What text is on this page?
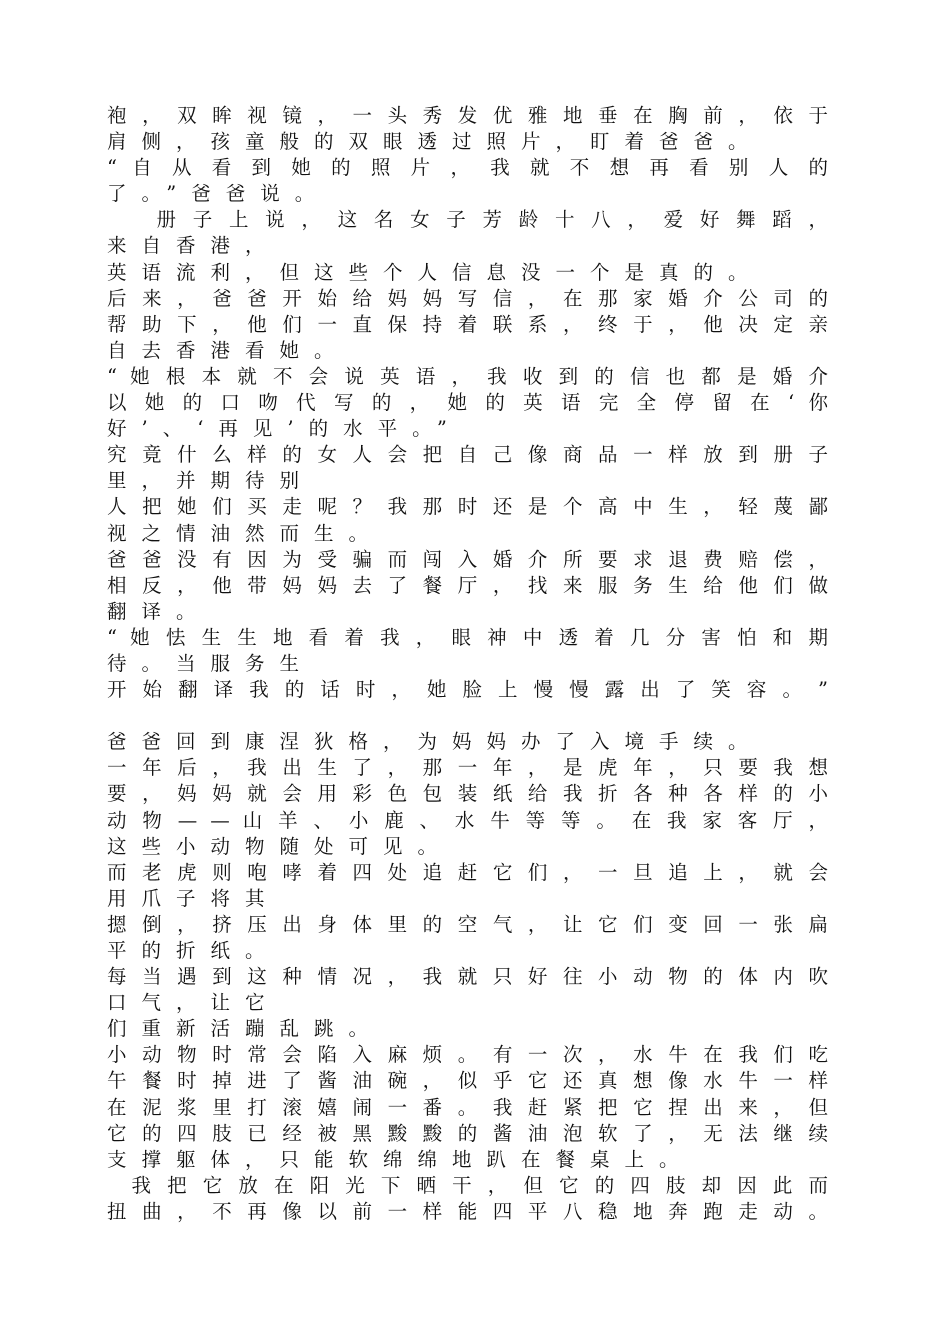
袍 ， 双 眸 视 镜 ， 一 头 秀 发 优 雅 地 垂 在 胸 前 ， 依 于
肩侧，孩童般的双眼透过照片，盯着爸爸。
“ 自 从 看 到 她 的 照 片 ， 我 就 不 想 再 看 别 人 的
了。”爸爸说。
　　册 子 上 说 ， 这 名 女 子 芳 龄 十 八 ， 爱 好 舞 蹈 ，
来自香港，
英语流利，但这些个人信息没一个是真的。
后 来 ， 爸 爸 开 始 给 妈 妈 写 信 ， 在 那 家 婚 介 公 司 的
帮 助 下 ， 他 们 一 直 保 持 着 联 系 ， 终 于 ， 他 决 定 亲
自去香港看她。
“ 她 根 本 就 不 会 说 英 语 ， 我 收 到 的 信 也 都 是 婚 介
以 她 的 口 吻 代 写 的 ， 她 的 英 语 完 全 停 留 在 ‘ 你
好’、‘再见’的水平。”
究 竟 什 么 样 的 女 人 会 把 自 己 像 商 品 一 样 放 到 册 子
里，并期待别
人 把 她 们 买 走 呢 ？ 我 那 时 还 是 个 高 中 生 ， 轻 蔑 鄙
视之情油然而生。
爸 爸 没 有 因 为 受 骗 而 闯 入 婚 介 所 要 求 退 费 赔 偿 ，
相 反 ， 他 带 妈 妈 去 了 餐 厅 ， 找 来 服 务 生 给 他 们 做
翻译。
“ 她 怯 生 生 地 看 着 我 ， 眼 神 中 透 着 几 分 害 怕 和 期
待。当服务生
开 始 翻 译 我 的 话 时 ， 她 脸 上 慢 慢 露 出 了 笑 容 。 ”
爸爸回到康涅狄格，为妈妈办了入境手续。
一 年 后 ， 我 出 生 了 ， 那 一 年 ， 是 虎 年 ， 只 要 我 想
要 ， 妈 妈 就 会 用 彩 色 包 装 纸 给 我 折 各 种 各 样 的 小
动 物 — — 山 羊 、 小 鹿 、 水 牛 等 等 。 在 我 家 客 厅 ，
这些小动物随处可见。
而 老 虎 则 咆 哮 着 四 处 追 赶 它 们 ， 一 旦 追 上 ， 就 会
用爪子将其
摁 倒 ， 挤 压 出 身 体 里 的 空 气 ， 让 它 们 变 回 一 张 扁
平的折纸。
每 当 遇 到 这 种 情 况 ， 我 就 只 好 往 小 动 物 的 体 内 吹
口气，让它
们重新活蹦乱跳。
小 动 物 时 常 会 陷 入 麻 烦 。 有 一 次 ， 水 牛 在 我 们 吃
午 餐 时 掉 进 了 酱 油 碗 ， 似 乎 它 还 真 想 像 水 牛 一 样
在 泥 浆 里 打 滚 嬉 闹 一 番 。 我 赶 紧 把 它 捏 出 来 ， 但
它 的 四 肢 已 经 被 黑 黢 黢 的 酱 油 泡 软 了 ， 无 法 继 续
支撑躯体，只能软绵绵地趴在餐桌上。
　我 把 它 放 在 阳 光 下 晒 干 ， 但 它 的 四 肢 却 因 此 而
扭 曲 ， 不 再 像 以 前 一 样 能 四 平 八 稳 地 奔 跑 走 动 。
